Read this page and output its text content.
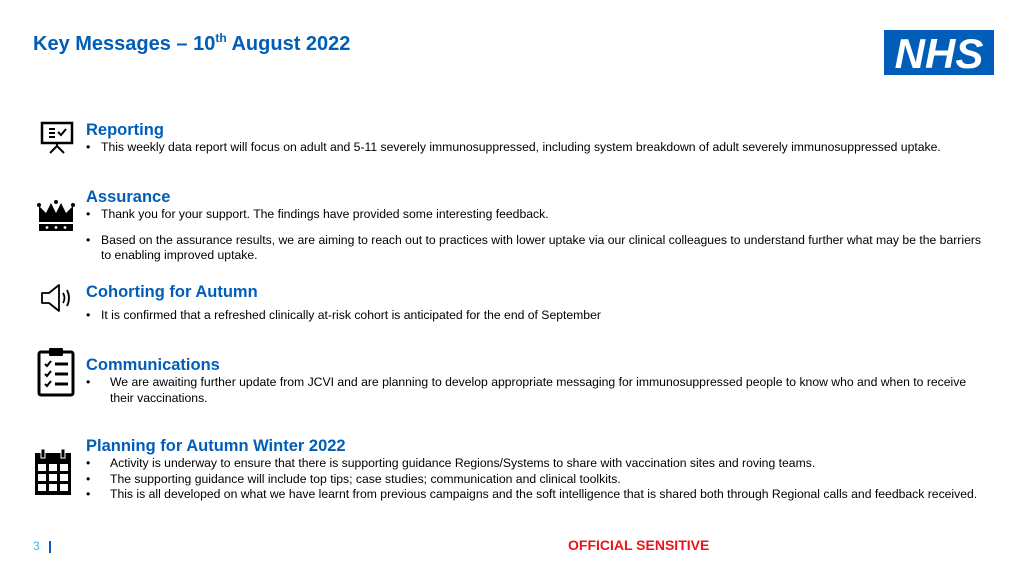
Key Messages – 10th August 2022	NHS
Reporting
• This weekly data report will focus on adult and 5-11 severely immunosuppressed, including system breakdown of adult severely immunosuppressed uptake.
Assurance
• Thank you for your support. The findings have provided some interesting feedback.
• Based on the assurance results, we are aiming to reach out to practices with lower uptake via our clinical colleagues to understand further what may be the barriers to enabling improved uptake.
Cohorting for Autumn
• It is confirmed that a refreshed clinically at-risk cohort is anticipated for the end of September
Communications
• We are awaiting further update from JCVI and are planning to develop appropriate messaging for immunosuppressed people to know who and when to receive their vaccinations.
Planning for Autumn Winter 2022
• Activity is underway to ensure that there is supporting guidance Regions/Systems to share with vaccination sites and roving teams.
• The supporting guidance will include top tips; case studies; communication and clinical toolkits.
• This is all developed on what we have learnt from previous campaigns and the soft intelligence that is shared both through Regional calls and feedback received.
3	OFFICIAL SENSITIVE
